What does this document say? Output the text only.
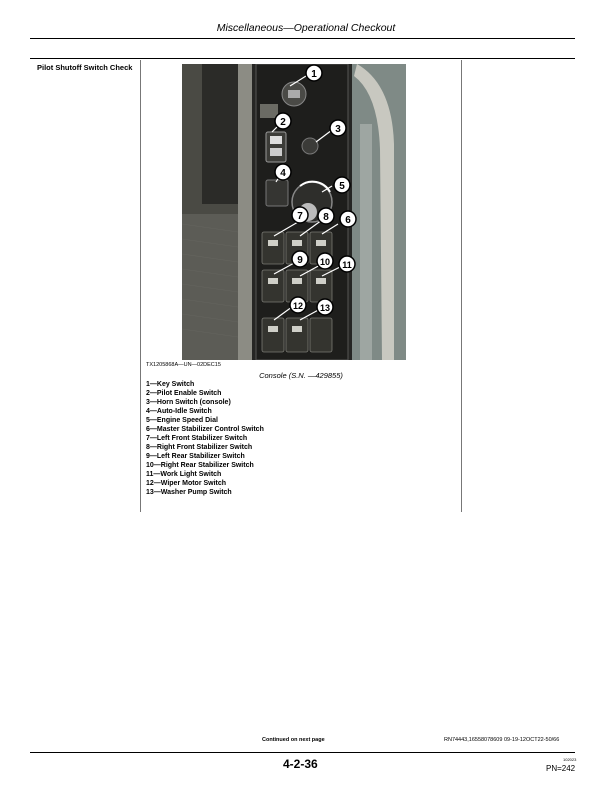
Miscellaneous—Operational Checkout
Pilot Shutoff Switch Check
1
2
3
4
5
6
7 8
9 10 11
12 13
TX1205868A—UN—02DEC15
Console (S.N. —429855)
1—Key Switch
2—Pilot Enable Switch
3—Horn Switch (console)
4—Auto-Idle Switch
5—Engine Speed Dial
6—Master Stabilizer Control Switch
7—Left Front Stabilizer Switch
8—Right Front Stabilizer Switch
9—Left Rear Stabilizer Switch
10—Right Rear Stabilizer Switch
11—Work Light Switch
12—Wiper Motor Switch
13—Washer Pump Switch
Continued on next page	RN74443,16558078609 09-19-12OCT22-50/66
4-2-36	102023
PN=242
